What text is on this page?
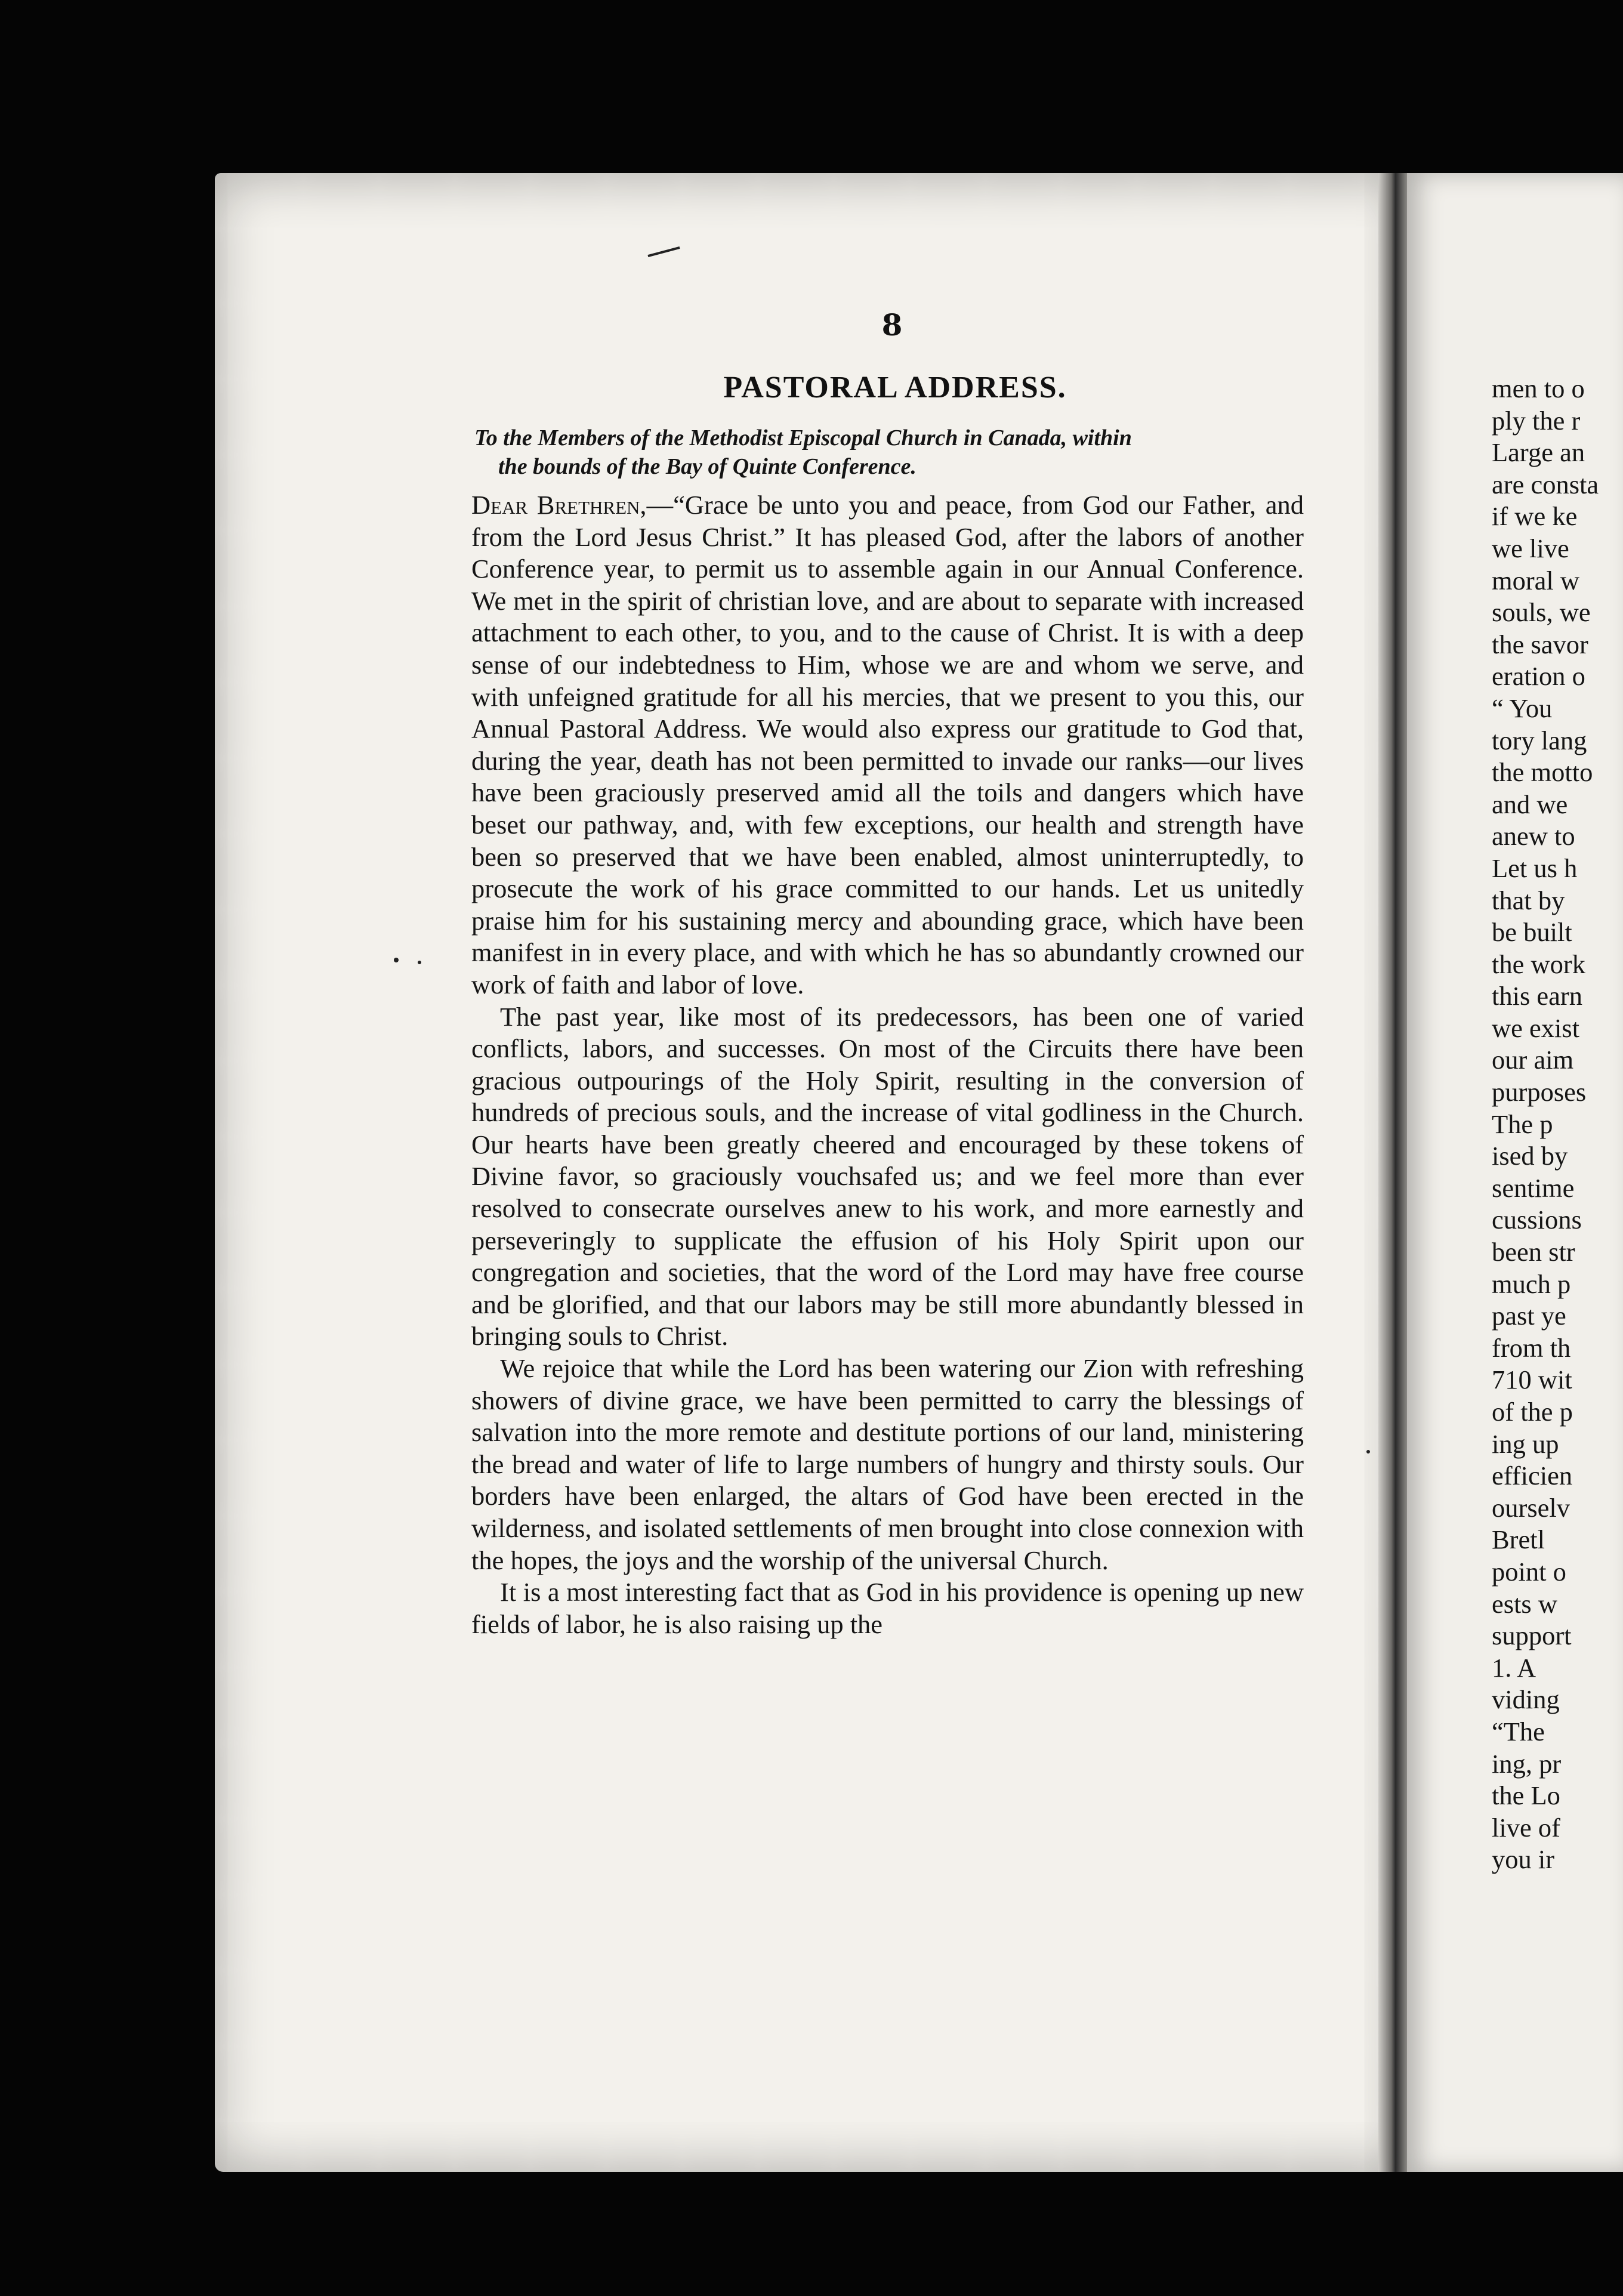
8
PASTORAL ADDRESS.
To the Members of the Methodist Episcopal Church in Canada, within
the bounds of the Bay of Quinte Conference.

Dear Brethren,—“Grace be unto you and peace, from God our Father, and from the Lord Jesus Christ.” It has pleased God, after the labors of another Conference year, to permit us to assemble again in our Annual Conference. We met in the spirit of christian love, and are about to separate with increased attachment to each other, to you, and to the cause of Christ. It is with a deep sense of our indebtedness to Him, whose we are and whom we serve, and with unfeigned gratitude for all his mercies, that we present to you this, our Annual Pastoral Address. We would also express our gratitude to God that, during the year, death has not been permitted to invade our ranks—our lives have been graciously preserved amid all the toils and dangers which have beset our pathway, and, with few exceptions, our health and strength have been so preserved that we have been enabled, almost uninterruptedly, to prosecute the work of his grace committed to our hands. Let us unitedly praise him for his sustaining mercy and abounding grace, which have been manifest in in every place, and with which he has so abundantly crowned our work of faith and labor of love.

The past year, like most of its predecessors, has been one of varied conflicts, labors, and successes. On most of the Circuits there have been gracious outpourings of the Holy Spirit, resulting in the conversion of hundreds of precious souls, and the increase of vital godliness in the Church. Our hearts have been greatly cheered and encouraged by these tokens of Divine favor, so graciously vouchsafed us; and we feel more than ever resolved to consecrate ourselves anew to his work, and more earnestly and perseveringly to supplicate the effusion of his Holy Spirit upon our congregation and societies, that the word of the Lord may have free course and be glorified, and that our labors may be still more abundantly blessed in bringing souls to Christ.

We rejoice that while the Lord has been watering our Zion with refreshing showers of divine grace, we have been permitted to carry the blessings of salvation into the more remote and destitute portions of our land, ministering the bread and water of life to large numbers of hungry and thirsty souls. Our borders have been enlarged, the altars of God have been erected in the wilderness, and isolated settlements of men brought into close connexion with the hopes, the joys and the worship of the universal Church.

It is a most interesting fact that as God in his providence is opening up new fields of labor, he is also raising up the

men to o
ply the r
Large an
are consta
if we ke
we live
moral w
souls, we
the savor
eration o
“ You
tory lang
the motto
and we
anew to
Let us h
that by
be built
the work
this earn
we exist
our aim
purposes
The p
ised by
sentime
cussions
been str
much p
past ye
from th
710 wit
of the p
ing up
efficien
ourselv
Bretl
point o
ests w
support
1. A
viding
“The
ing, pr
the Lo
live of
you ir
